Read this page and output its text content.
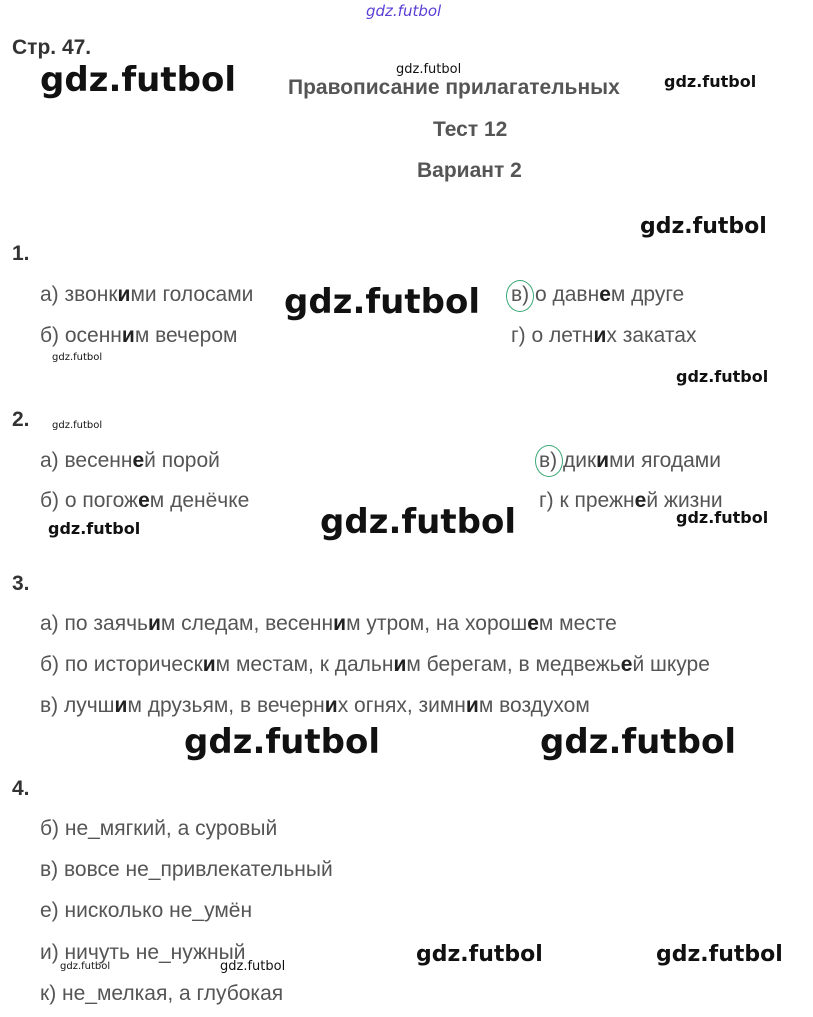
gdz.futbol
Стр. 47.
gdz.futbol	gdz.futbol
Правописание прилагательных	gdz.futbol
Тест 12
Вариант 2
gdz.futbol
1.
а) звонкими голосами gdz.futbol в) о давнем друге
б) осенним вечером	г) о летних закатах
gdz.futbol
gdz.futbol
2. gdz.futbol
а) весенней порой	в) дикими ягодами
б) о погожем денёчке	г) к прежней жизни
gdz.futbol
gdz.futbol	gdz.futbol
3.
а) по заячьим следам, весенним утром, на хорошем месте
б) по историческим местам, к дальним берегам, в медвежьей шкуре
в) лучшим друзьям, в вечерних огнях, зимним воздухом
gdz.futbol	gdz.futbol
4.
б) не_мягкий, а суровый
в) вовсе не_привлекательный
е) нисколько не_умён
и) ничуть не_нужный
gdz.futbol	gdz.futbol	gdz.futbol	gdz.futbol
к) не_мелкая, а глубокая
